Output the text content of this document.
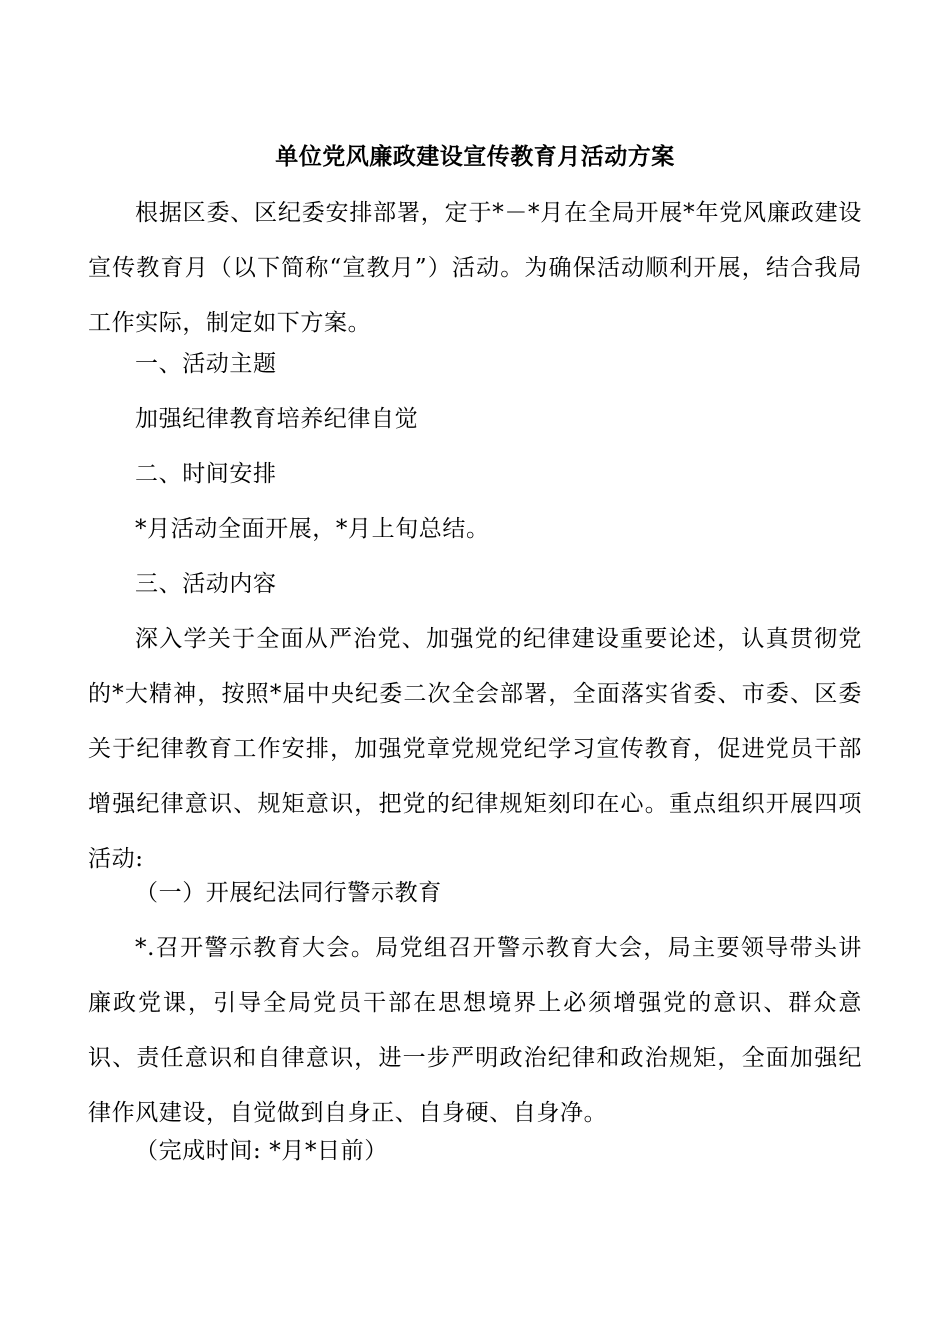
单位党风廉政建设宣传教育月活动方案

根据区委、区纪委安排部署，定于*－*月在全局开展*年党风廉政建设宣传教育月（以下简称“宣教月”）活动。为确保活动顺利开展，结合我局工作实际，制定如下方案。

一、活动主题

加强纪律教育培养纪律自觉

二、时间安排

*月活动全面开展，*月上旬总结。

三、活动内容

深入学关于全面从严治党、加强党的纪律建设重要论述，认真贯彻党的*大精神，按照*届中央纪委二次全会部署，全面落实省委、市委、区委关于纪律教育工作安排，加强党章党规党纪学习宣传教育，促进党员干部增强纪律意识、规矩意识，把党的纪律规矩刻印在心。重点组织开展四项活动:

（一）开展纪法同行警示教育

*.召开警示教育大会。局党组召开警示教育大会，局主要领导带头讲廉政党课，引导全局党员干部在思想境界上必须增强党的意识、群众意识、责任意识和自律意识，进一步严明政治纪律和政治规矩，全面加强纪律作风建设，自觉做到自身正、自身硬、自身净。

（完成时间: *月*日前）
